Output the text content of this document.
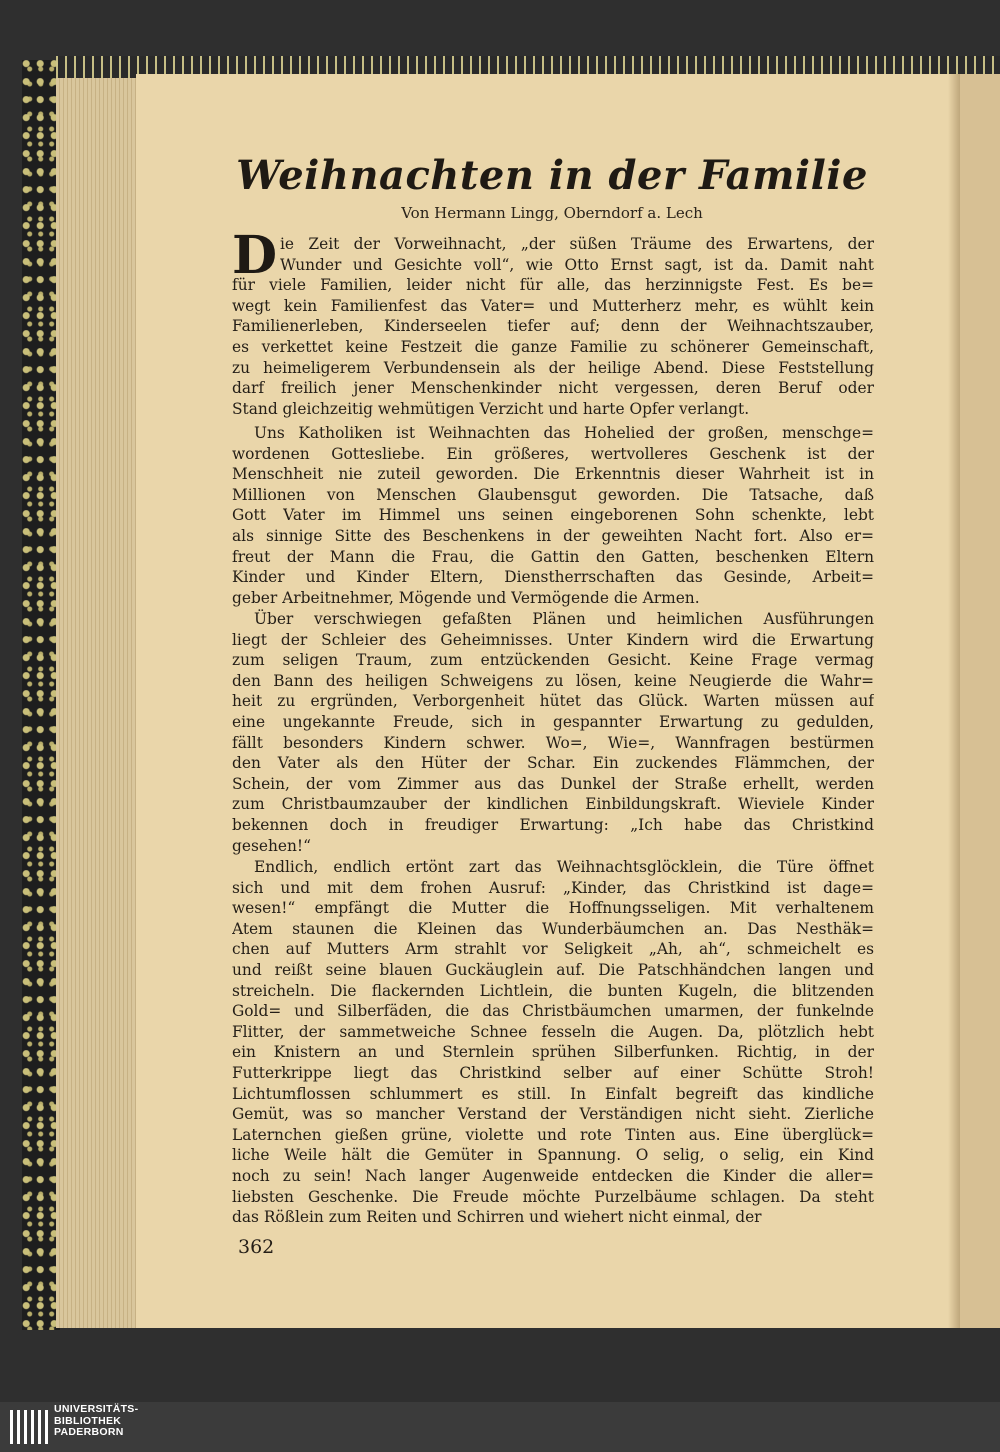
Weihnachten in der Familie
Von Hermann Lingg, Oberndorf a. Lech
D ie Zeit der Vorweihnacht, „der süßen Träume des Erwartens, der
Wunder und Gesichte voll“, wie Otto Ernst sagt, ist da. Damit naht
für viele Familien, leider nicht für alle, das herzinnigste Fest. Es be=
wegt kein Familienfest das Vater= und Mutterherz mehr, es wühlt kein
Familienerleben, Kinderseelen tiefer auf; denn der Weihnachtszauber,
es verkettet keine Festzeit die ganze Familie zu schönerer Gemeinschaft,
zu heimeligerem Verbundensein als der heilige Abend. Diese Feststellung
darf freilich jener Menschenkinder nicht vergessen, deren Beruf oder
Stand gleichzeitig wehmütigen Verzicht und harte Opfer verlangt.
Uns Katholiken ist Weihnachten das Hohelied der großen, menschge=
wordenen Gottesliebe. Ein größeres, wertvolleres Geschenk ist der
Menschheit nie zuteil geworden. Die Erkenntnis dieser Wahrheit ist in
Millionen von Menschen Glaubensgut geworden. Die Tatsache, daß
Gott Vater im Himmel uns seinen eingeborenen Sohn schenkte, lebt
als sinnige Sitte des Beschenkens in der geweihten Nacht fort. Also er=
freut der Mann die Frau, die Gattin den Gatten, beschenken Eltern
Kinder und Kinder Eltern, Dienstherrschaften das Gesinde, Arbeit=
geber Arbeitnehmer, Mögende und Vermögende die Armen.
Über verschwiegen gefaßten Plänen und heimlichen Ausführungen
liegt der Schleier des Geheimnisses. Unter Kindern wird die Erwartung
zum seligen Traum, zum entzückenden Gesicht. Keine Frage vermag
den Bann des heiligen Schweigens zu lösen, keine Neugierde die Wahr=
heit zu ergründen, Verborgenheit hütet das Glück. Warten müssen auf
eine ungekannte Freude, sich in gespannter Erwartung zu gedulden,
fällt besonders Kindern schwer. Wo=, Wie=, Wannfragen bestürmen
den Vater als den Hüter der Schar. Ein zuckendes Flämmchen, der
Schein, der vom Zimmer aus das Dunkel der Straße erhellt, werden
zum Christbaumzauber der kindlichen Einbildungskraft. Wieviele Kinder
bekennen doch in freudiger Erwartung: „Ich habe das Christkind
gesehen!“
Endlich, endlich ertönt zart das Weihnachtsglöcklein, die Türe öffnet
sich und mit dem frohen Ausruf: „Kinder, das Christkind ist dage=
wesen!“ empfängt die Mutter die Hoffnungsseligen. Mit verhaltenem
Atem staunen die Kleinen das Wunderbäumchen an. Das Nesthäk=
chen auf Mutters Arm strahlt vor Seligkeit „Ah, ah“, schmeichelt es
und reißt seine blauen Guckäuglein auf. Die Patschhändchen langen und
streicheln. Die flackernden Lichtlein, die bunten Kugeln, die blitzenden
Gold= und Silberfäden, die das Christbäumchen umarmen, der funkelnde
Flitter, der sammetweiche Schnee fesseln die Augen. Da, plötzlich hebt
ein Knistern an und Sternlein sprühen Silberfunken. Richtig, in der
Futterkrippe liegt das Christkind selber auf einer Schütte Stroh!
Lichtumflossen schlummert es still. In Einfalt begreift das kindliche
Gemüt, was so mancher Verstand der Verständigen nicht sieht. Zierliche
Laternchen gießen grüne, violette und rote Tinten aus. Eine überglück=
liche Weile hält die Gemüter in Spannung. O selig, o selig, ein Kind
noch zu sein! Nach langer Augenweide entdecken die Kinder die aller=
liebsten Geschenke. Die Freude möchte Purzelbäume schlagen. Da steht
das Rößlein zum Reiten und Schirren und wiehert nicht einmal, der
362
UNIVERSITÄTS-
BIBLIOTHEK
PADERBORN
